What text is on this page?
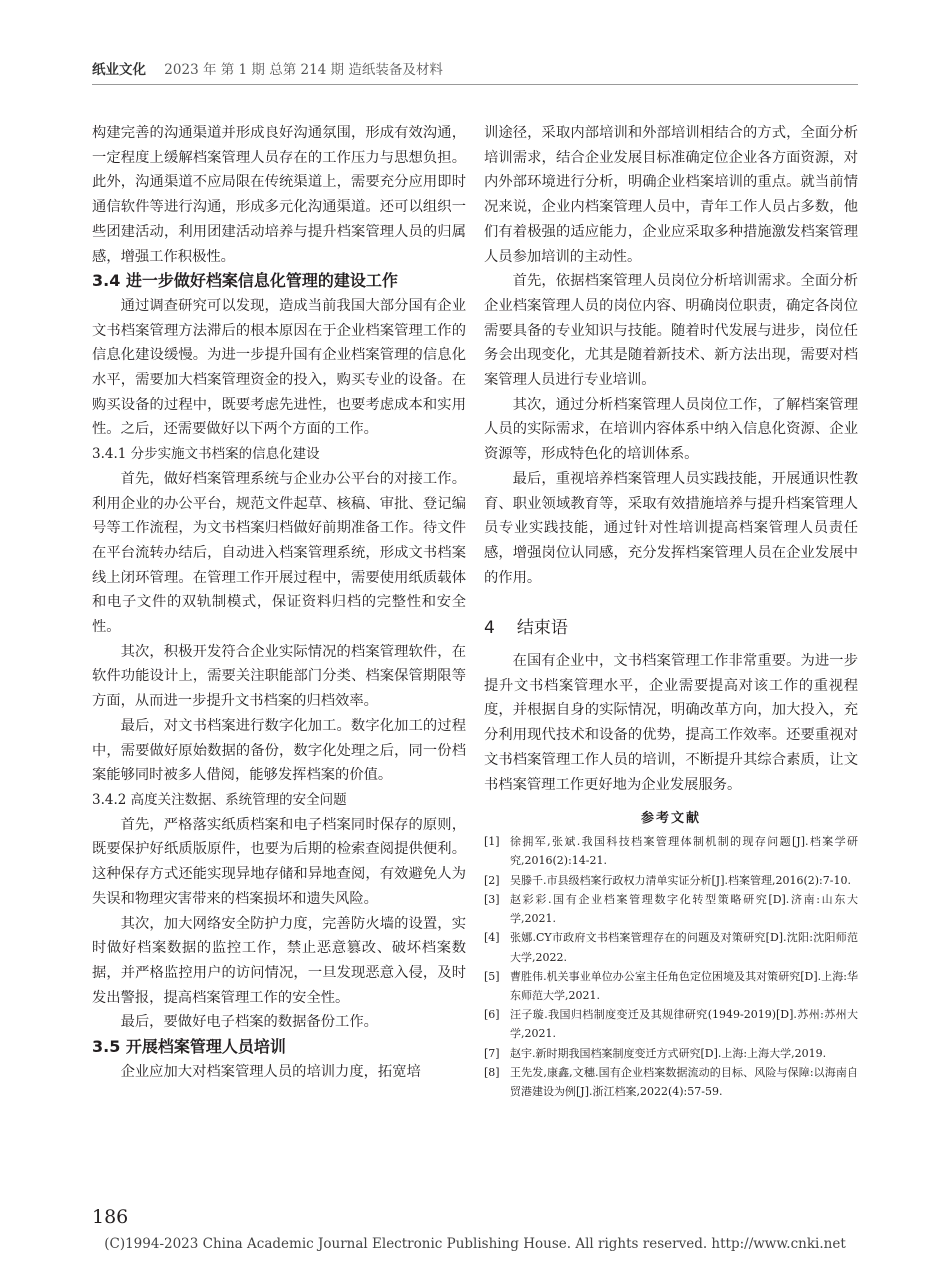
纸业文化 2023 年 第 1 期 总第 214 期 造纸装备及材料

构建完善的沟通渠道并形成良好沟通氛围，形成有效沟通，一定程度上缓解档案管理人员存在的工作压力与思想负担。此外，沟通渠道不应局限在传统渠道上，需要充分应用即时通信软件等进行沟通，形成多元化沟通渠道。还可以组织一些团建活动，利用团建活动培养与提升档案管理人员的归属感，增强工作积极性。

3.4 进一步做好档案信息化管理的建设工作

通过调查研究可以发现，造成当前我国大部分国有企业文书档案管理方法滞后的根本原因在于企业档案管理工作的信息化建设缓慢。为进一步提升国有企业档案管理的信息化水平，需要加大档案管理资金的投入，购买专业的设备。在购买设备的过程中，既要考虑先进性，也要考虑成本和实用性。之后，还需要做好以下两个方面的工作。

3.4.1 分步实施文书档案的信息化建设

首先，做好档案管理系统与企业办公平台的对接工作。利用企业的办公平台，规范文件起草、核稿、审批、登记编号等工作流程，为文书档案归档做好前期准备工作。待文件在平台流转办结后，自动进入档案管理系统，形成文书档案线上闭环管理。在管理工作开展过程中，需要使用纸质载体和电子文件的双轨制模式，保证资料归档的完整性和安全性。

其次，积极开发符合企业实际情况的档案管理软件，在软件功能设计上，需要关注职能部门分类、档案保管期限等方面，从而进一步提升文书档案的归档效率。

最后，对文书档案进行数字化加工。数字化加工的过程中，需要做好原始数据的备份，数字化处理之后，同一份档案能够同时被多人借阅，能够发挥档案的价值。

3.4.2 高度关注数据、系统管理的安全问题

首先，严格落实纸质档案和电子档案同时保存的原则，既要保护好纸质版原件，也要为后期的检索查阅提供便利。这种保存方式还能实现异地存储和异地查阅，有效避免人为失误和物理灾害带来的档案损坏和遗失风险。

其次，加大网络安全防护力度，完善防火墙的设置，实时做好档案数据的监控工作，禁止恶意篡改、破坏档案数据，并严格监控用户的访问情况，一旦发现恶意入侵，及时发出警报，提高档案管理工作的安全性。

最后，要做好电子档案的数据备份工作。

3.5 开展档案管理人员培训

企业应加大对档案管理人员的培训力度，拓宽培

训途径，采取内部培训和外部培训相结合的方式，全面分析培训需求，结合企业发展目标准确定位企业各方面资源，对内外部环境进行分析，明确企业档案培训的重点。就当前情况来说，企业内档案管理人员中，青年工作人员占多数，他们有着极强的适应能力，企业应采取多种措施激发档案管理人员参加培训的主动性。

首先，依据档案管理人员岗位分析培训需求。全面分析企业档案管理人员的岗位内容、明确岗位职责，确定各岗位需要具备的专业知识与技能。随着时代发展与进步，岗位任务会出现变化，尤其是随着新技术、新方法出现，需要对档案管理人员进行专业培训。

其次，通过分析档案管理人员岗位工作，了解档案管理人员的实际需求，在培训内容体系中纳入信息化资源、企业资源等，形成特色化的培训体系。

最后，重视培养档案管理人员实践技能，开展通识性教育、职业领域教育等，采取有效措施培养与提升档案管理人员专业实践技能，通过针对性培训提高档案管理人员责任感，增强岗位认同感，充分发挥档案管理人员在企业发展中的作用。

4 结束语

在国有企业中，文书档案管理工作非常重要。为进一步提升文书档案管理水平，企业需要提高对该工作的重视程度，并根据自身的实际情况，明确改革方向，加大投入，充分利用现代技术和设备的优势，提高工作效率。还要重视对文书档案管理工作人员的培训，不断提升其综合素质，让文书档案管理工作更好地为企业发展服务。

参考文献
[1] 徐拥军,张斌.我国科技档案管理体制机制的现存问题[J].档案学研究,2016(2):14-21.
[2] 吴滕千.市县级档案行政权力清单实证分析[J].档案管理,2016(2):7-10.
[3] 赵彩彩.国有企业档案管理数字化转型策略研究[D].济南:山东大学,2021.
[4] 张娜.CY市政府文书档案管理存在的问题及对策研究[D].沈阳:沈阳师范大学,2022.
[5] 曹胜伟.机关事业单位办公室主任角色定位困境及其对策研究[D].上海:华东师范大学,2021.
[6] 汪子璇.我国归档制度变迁及其规律研究(1949-2019)[D].苏州:苏州大学,2021.
[7] 赵宇.新时期我国档案制度变迁方式研究[D].上海:上海大学,2019.
[8] 王先发,康鑫,文穗.国有企业档案数据流动的目标、风险与保障:以海南自贸港建设为例[J].浙江档案,2022(4):57-59.
186
(C)1994-2023 China Academic Journal Electronic Publishing House. All rights reserved. http://www.cnki.net
